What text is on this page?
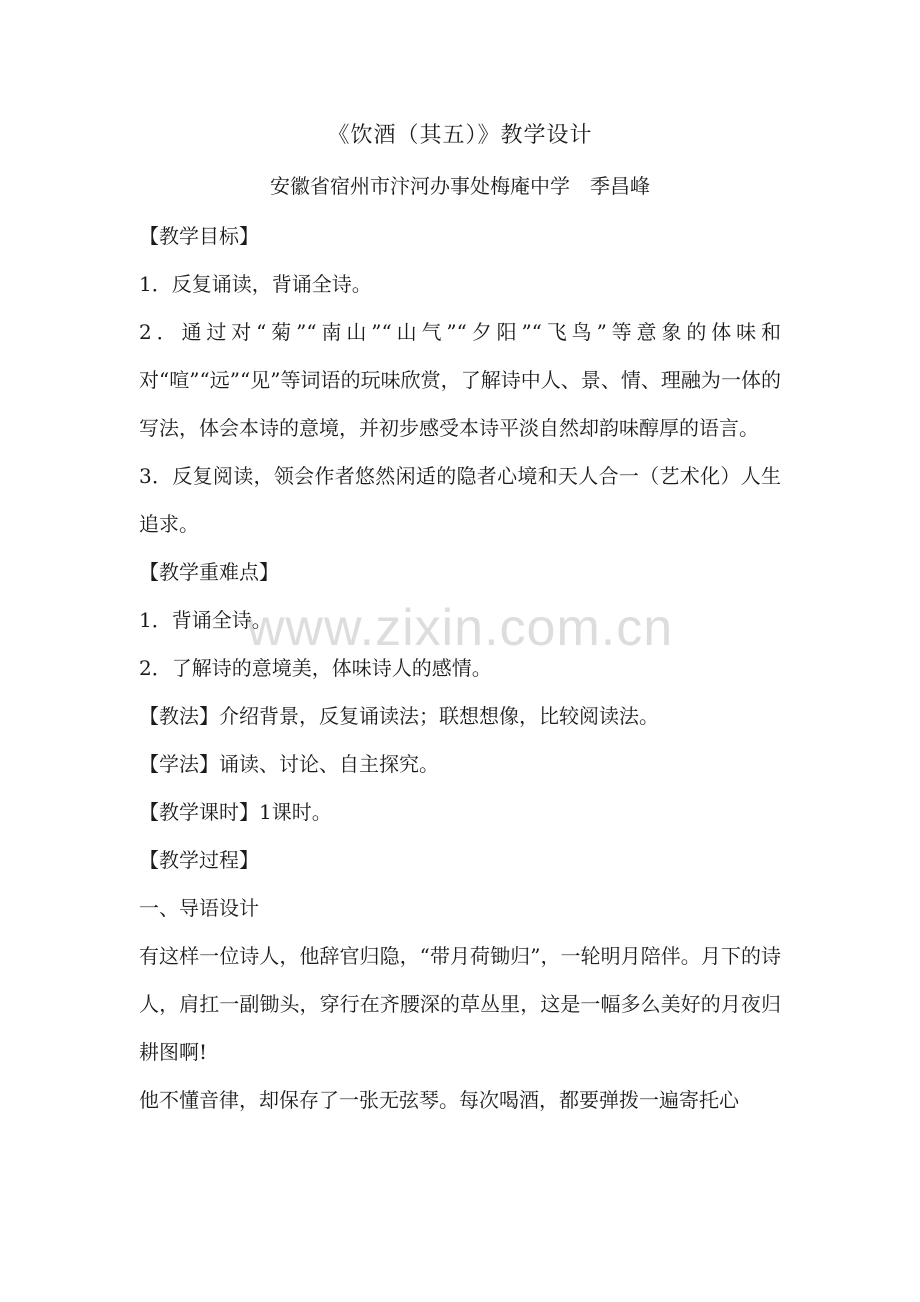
《饮酒（其五）》教学设计
安徽省宿州市汴河办事处梅庵中学　季昌峰

【教学目标】

1．反复诵读，背诵全诗。

2．通过对“菊”“南山”“山气”“夕阳”“飞鸟”等意象的体味和对“喧”“远”“见”等词语的玩味欣赏，了解诗中人、景、情、理融为一体的写法，体会本诗的意境，并初步感受本诗平淡自然却韵味醇厚的语言。

3．反复阅读，领会作者悠然闲适的隐者心境和天人合一（艺术化）人生追求。

【教学重难点】

1．背诵全诗。

2．了解诗的意境美，体味诗人的感情。

【教法】介绍背景，反复诵读法；联想想像，比较阅读法。

【学法】诵读、讨论、自主探究。

【教学课时】1课时。

【教学过程】

一、导语设计

有这样一位诗人，他辞官归隐，“带月荷锄归”，一轮明月陪伴。月下的诗人，肩扛一副锄头，穿行在齐腰深的草丛里，这是一幅多么美好的月夜归耕图啊!

他不懂音律，却保存了一张无弦琴。每次喝酒，都要弹拨一遍寄托心

www.zixin.com.cn
